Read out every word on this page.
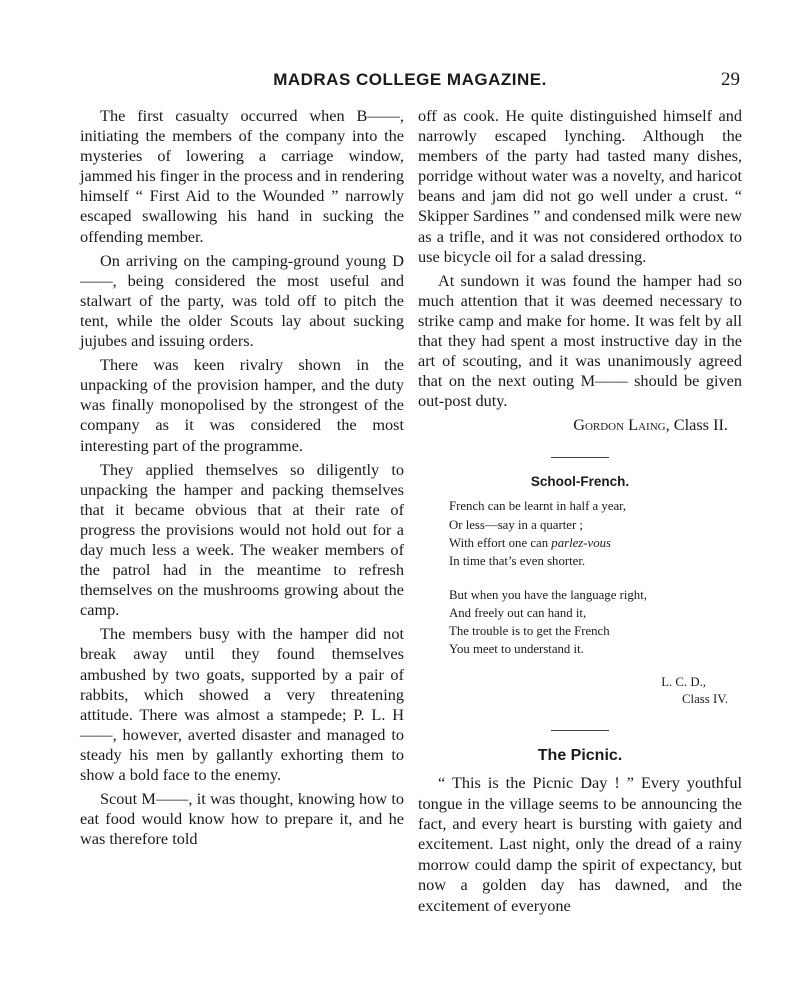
MADRAS COLLEGE MAGAZINE.	29

The first casualty occurred when B——, initiating the members of the company into the mysteries of lowering a carriage window, jammed his finger in the process and in rendering himself “ First Aid to the Wounded ” narrowly escaped swallowing his hand in sucking the offending member.

On arriving on the camping-ground young D——, being considered the most useful and stalwart of the party, was told off to pitch the tent, while the older Scouts lay about sucking jujubes and issuing orders.

There was keen rivalry shown in the unpacking of the provision hamper, and the duty was finally monopolised by the strongest of the company as it was considered the most interesting part of the programme.

They applied themselves so diligently to unpacking the hamper and packing themselves that it became obvious that at their rate of progress the provisions would not hold out for a day much less a week. The weaker members of the patrol had in the meantime to refresh themselves on the mushrooms growing about the camp.

The members busy with the hamper did not break away until they found themselves ambushed by two goats, supported by a pair of rabbits, which showed a very threatening attitude. There was almost a stampede; P. L. H——, however, averted disaster and managed to steady his men by gallantly exhorting them to show a bold face to the enemy.

Scout M——, it was thought, knowing how to eat food would know how to prepare it, and he was therefore told

off as cook. He quite distinguished himself and narrowly escaped lynching. Although the members of the party had tasted many dishes, porridge without water was a novelty, and haricot beans and jam did not go well under a crust. “ Skipper Sardines ” and condensed milk were new as a trifle, and it was not considered orthodox to use bicycle oil for a salad dressing.

At sundown it was found the hamper had so much attention that it was deemed necessary to strike camp and make for home. It was felt by all that they had spent a most instructive day in the art of scouting, and it was unanimously agreed that on the next outing M—— should be given out-post duty.

Gordon Laing, Class II.
School-French.
French can be learnt in half a year,
Or less—say in a quarter ;
With effort one can parlez-vous
In time that’s even shorter.
But when you have the language right,
And freely out can hand it,
The trouble is to get the French
You meet to understand it.
L. C. D.,
Class IV.
The Picnic.

“ This is the Picnic Day ! ” Every youthful tongue in the village seems to be announcing the fact, and every heart is bursting with gaiety and excitement. Last night, only the dread of a rainy morrow could damp the spirit of expectancy, but now a golden day has dawned, and the excitement of everyone
